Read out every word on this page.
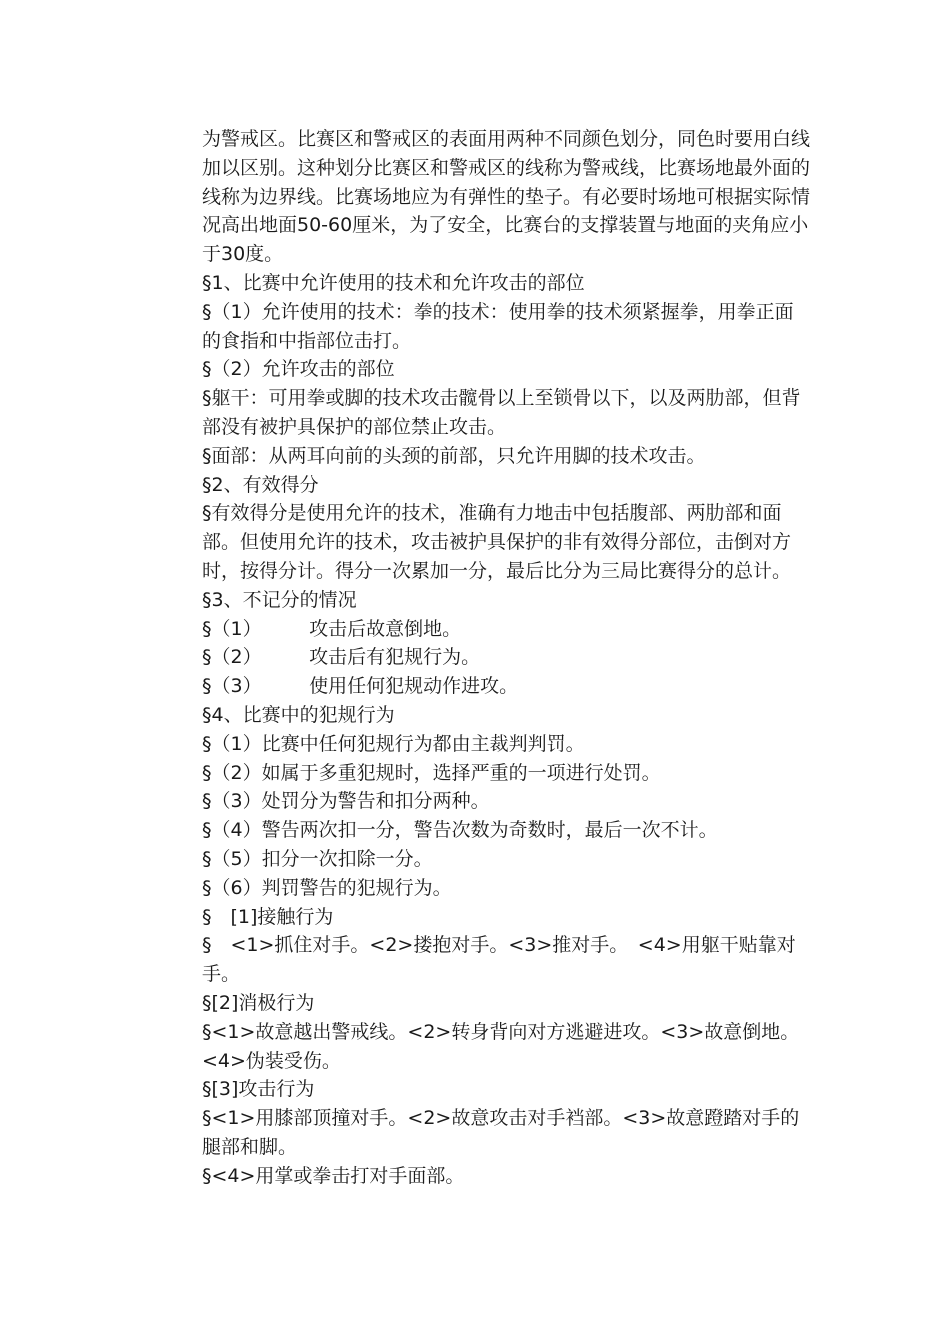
为警戒区。比赛区和警戒区的表面用两种不同颜色划分，同色时要用白线加以区别。这种划分比赛区和警戒区的线称为警戒线，比赛场地最外面的线称为边界线。比赛场地应为有弹性的垫子。有必要时场地可根据实际情况高出地面50-60厘米，为了安全，比赛台的支撑装置与地面的夹角应小于30度。

§1、比赛中允许使用的技术和允许攻击的部位

§（1）允许使用的技术：拳的技术：使用拳的技术须紧握拳，用拳正面的食指和中指部位击打。

§（2）允许攻击的部位

§躯干：可用拳或脚的技术攻击髋骨以上至锁骨以下，以及两肋部，但背部没有被护具保护的部位禁止攻击。

§面部：从两耳向前的头颈的前部，只允许用脚的技术攻击。

§2、有效得分

§有效得分是使用允许的技术，准确有力地击中包括腹部、两肋部和面部。但使用允许的技术，攻击被护具保护的非有效得分部位，击倒对方时，按得分计。得分一次累加一分，最后比分为三局比赛得分的总计。

§3、不记分的情况

§（1）　　　攻击后故意倒地。

§（2）　　　攻击后有犯规行为。

§（3）　　　使用任何犯规动作进攻。

§4、比赛中的犯规行为

§（1）比赛中任何犯规行为都由主裁判判罚。

§（2）如属于多重犯规时，选择严重的一项进行处罚。

§（3）处罚分为警告和扣分两种。

§（4）警告两次扣一分，警告次数为奇数时，最后一次不计。

§（5）扣分一次扣除一分。

§（6）判罚警告的犯规行为。

§　[1]接触行为

§　<1>抓住对手。<2>搂抱对手。<3>推对手。　<4>用躯干贴靠对手。

§[2]消极行为

§<1>故意越出警戒线。<2>转身背向对方逃避进攻。<3>故意倒地。<4>伪装受伤。

§[3]攻击行为

§<1>用膝部顶撞对手。<2>故意攻击对手裆部。<3>故意蹬踏对手的腿部和脚。

§<4>用掌或拳击打对手面部。
